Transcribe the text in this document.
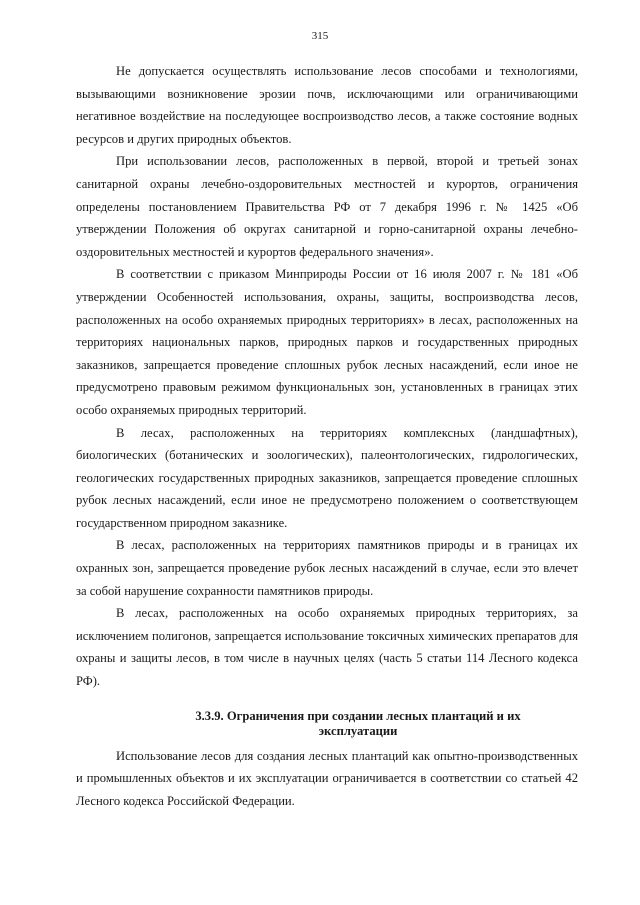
315

Не допускается осуществлять использование лесов способами и технологиями, вызывающими возникновение эрозии почв, исключающими или ограничивающими негативное воздействие на последующее воспроизводство лесов, а также состояние водных ресурсов и других природных объектов.

При использовании лесов, расположенных в первой, второй и третьей зонах санитарной охраны лечебно-оздоровительных местностей и курортов, ограничения определены постановлением Правительства РФ от 7 декабря 1996 г. № 1425 «Об утверждении Положения об округах санитарной и горно-санитарной охраны лечебно-оздоровительных местностей и курортов федерального значения».

В соответствии с приказом Минприроды России от 16 июля 2007 г. № 181 «Об утверждении Особенностей использования, охраны, защиты, воспроизводства лесов, расположенных на особо охраняемых природных территориях» в лесах, расположенных на территориях национальных парков, природных парков и государственных природных заказников, запрещается проведение сплошных рубок лесных насаждений, если иное не предусмотрено правовым режимом функциональных зон, установленных в границах этих особо охраняемых природных территорий.

В лесах, расположенных на территориях комплексных (ландшафтных), биологических (ботанических и зоологических), палеонтологических, гидрологических, геологических государственных природных заказников, запрещается проведение сплошных рубок лесных насаждений, если иное не предусмотрено положением о соответствующем государственном природном заказнике.

В лесах, расположенных на территориях памятников природы и в границах их охранных зон, запрещается проведение рубок лесных насаждений в случае, если это влечет за собой нарушение сохранности памятников природы.

В лесах, расположенных на особо охраняемых природных территориях, за исключением полигонов, запрещается использование токсичных химических препаратов для охраны и защиты лесов, в том числе в научных целях (часть 5 статьи 114 Лесного кодекса РФ).

3.3.9. Ограничения при создании лесных плантаций и их
эксплуатации

Использование лесов для создания лесных плантаций как опытно-производственных и промышленных объектов и их эксплуатации ограничивается в соответствии со статьей 42 Лесного кодекса Российской Федерации.
